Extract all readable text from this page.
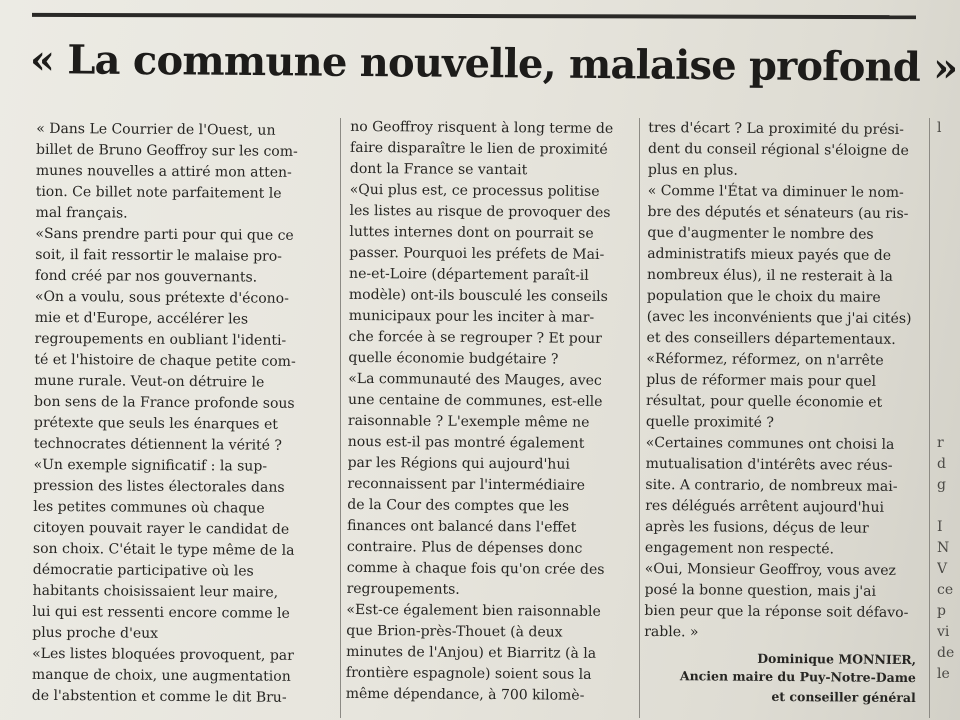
« La commune nouvelle, malaise profond »
« Dans Le Courrier de l'Ouest, un
billet de Bruno Geoffroy sur les com-
munes nouvelles a attiré mon atten-
tion. Ce billet note parfaitement le
mal français.
«Sans prendre parti pour qui que ce
soit, il fait ressortir le malaise pro-
fond créé par nos gouvernants.
«On a voulu, sous prétexte d'écono-
mie et d'Europe, accélérer les
regroupements en oubliant l'identi-
té et l'histoire de chaque petite com-
mune rurale. Veut-on détruire le
bon sens de la France profonde sous
prétexte que seuls les énarques et
technocrates détiennent la vérité ?
«Un exemple significatif : la sup-
pression des listes électorales dans
les petites communes où chaque
citoyen pouvait rayer le candidat de
son choix. C'était le type même de la
démocratie participative où les
habitants choisissaient leur maire,
lui qui est ressenti encore comme le
plus proche d'eux
«Les listes bloquées provoquent, par
manque de choix, une augmentation
de l'abstention et comme le dit Bru-
no Geoffroy risquent à long terme de
faire disparaître le lien de proximité
dont la France se vantait
«Qui plus est, ce processus politise
les listes au risque de provoquer des
luttes internes dont on pourrait se
passer. Pourquoi les préfets de Mai-
ne-et-Loire (département paraît-il
modèle) ont-ils bousculé les conseils
municipaux pour les inciter à mar-
che forcée à se regrouper ? Et pour
quelle économie budgétaire ?
«La communauté des Mauges, avec
une centaine de communes, est-elle
raisonnable ? L'exemple même ne
nous est-il pas montré également
par les Régions qui aujourd'hui
reconnaissent par l'intermédiaire
de la Cour des comptes que les
finances ont balancé dans l'effet
contraire. Plus de dépenses donc
comme à chaque fois qu'on crée des
regroupements.
«Est-ce également bien raisonnable
que Brion-près-Thouet (à deux
minutes de l'Anjou) et Biarritz (à la
frontière espagnole) soient sous la
même dépendance, à 700 kilomè-
tres d'écart ? La proximité du prési-
dent du conseil régional s'éloigne de
plus en plus.
« Comme l'État va diminuer le nom-
bre des députés et sénateurs (au ris-
que d'augmenter le nombre des
administratifs mieux payés que de
nombreux élus), il ne resterait à la
population que le choix du maire
(avec les inconvénients que j'ai cités)
et des conseillers départementaux.
«Réformez, réformez, on n'arrête
plus de réformer mais pour quel
résultat, pour quelle économie et
quelle proximité ?
«Certaines communes ont choisi la
mutualisation d'intérêts avec réus-
site. A contrario, de nombreux mai-
res délégués arrêtent aujourd'hui
après les fusions, déçus de leur
engagement non respecté.
«Oui, Monsieur Geoffroy, vous avez
posé la bonne question, mais j'ai
bien peur que la réponse soit défavo-
rable. »
Dominique MONNIER,
Ancien maire du Puy-Notre-Dame
et conseiller général
l
r
d
g
I
N
V
ce
p
vi
de
le
